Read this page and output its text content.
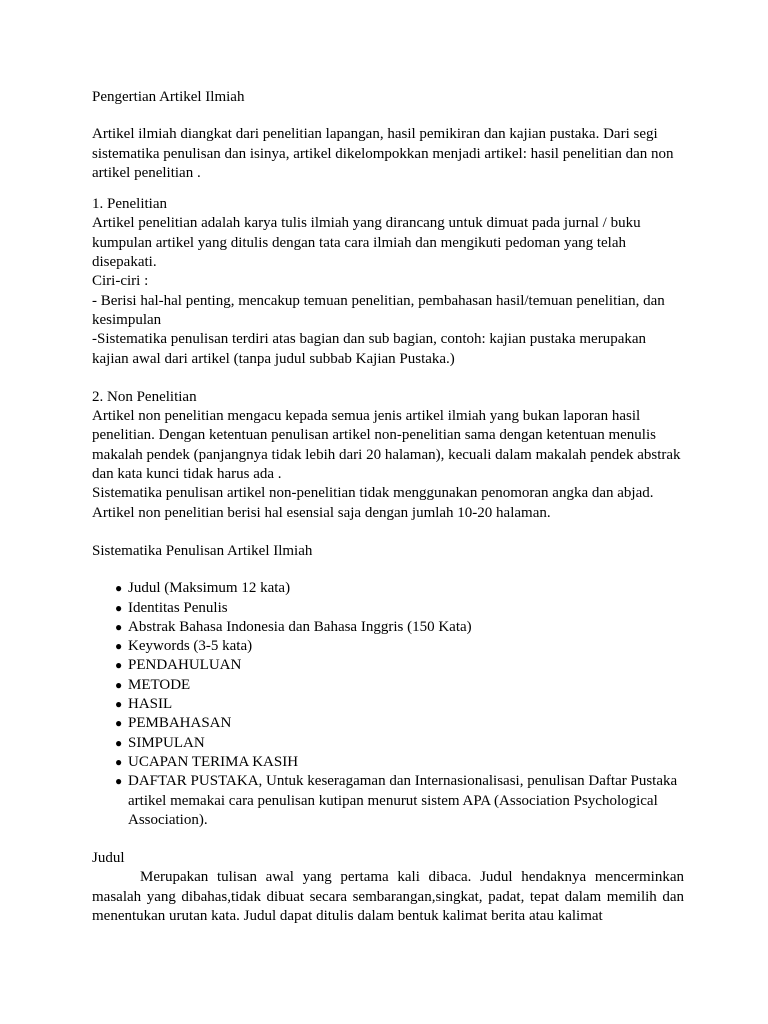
Pengertian Artikel Ilmiah

Artikel ilmiah diangkat dari penelitian lapangan, hasil pemikiran dan kajian pustaka. Dari segi sistematika penulisan dan isinya, artikel dikelompokkan menjadi artikel: hasil penelitian dan non artikel penelitian .

1. Penelitian

Artikel penelitian adalah karya tulis ilmiah yang dirancang untuk dimuat pada jurnal / buku kumpulan artikel yang ditulis dengan tata cara ilmiah dan mengikuti pedoman yang telah disepakati.

Ciri-ciri :

- Berisi hal-hal penting, mencakup temuan penelitian, pembahasan hasil/temuan penelitian, dan kesimpulan

-Sistematika penulisan terdiri atas bagian dan sub bagian, contoh: kajian pustaka merupakan kajian awal dari artikel (tanpa judul subbab Kajian Pustaka.)

2. Non Penelitian

Artikel non penelitian mengacu kepada semua jenis artikel ilmiah yang bukan laporan hasil penelitian. Dengan ketentuan penulisan artikel non-penelitian sama dengan ketentuan menulis makalah pendek (panjangnya tidak lebih dari 20 halaman), kecuali dalam makalah pendek abstrak dan kata kunci tidak harus ada .

Sistematika penulisan artikel non-penelitian tidak menggunakan penomoran angka dan abjad. Artikel non penelitian berisi hal esensial saja dengan jumlah 10-20 halaman.

Sistematika Penulisan Artikel Ilmiah

● Judul (Maksimum 12 kata)
● Identitas Penulis
● Abstrak Bahasa Indonesia dan Bahasa Inggris (150 Kata)
● Keywords (3-5 kata)
● PENDAHULUAN
● METODE
● HASIL
● PEMBAHASAN
● SIMPULAN
● UCAPAN TERIMA KASIH
● DAFTAR PUSTAKA, Untuk keseragaman dan Internasionalisasi, penulisan Daftar Pustaka artikel memakai cara penulisan kutipan menurut sistem APA (Association Psychological Association).

Judul

Merupakan tulisan awal yang pertama kali dibaca. Judul hendaknya mencerminkan masalah yang dibahas,tidak dibuat secara sembarangan,singkat, padat, tepat dalam memilih dan menentukan urutan kata. Judul dapat ditulis dalam bentuk kalimat berita atau kalimat
